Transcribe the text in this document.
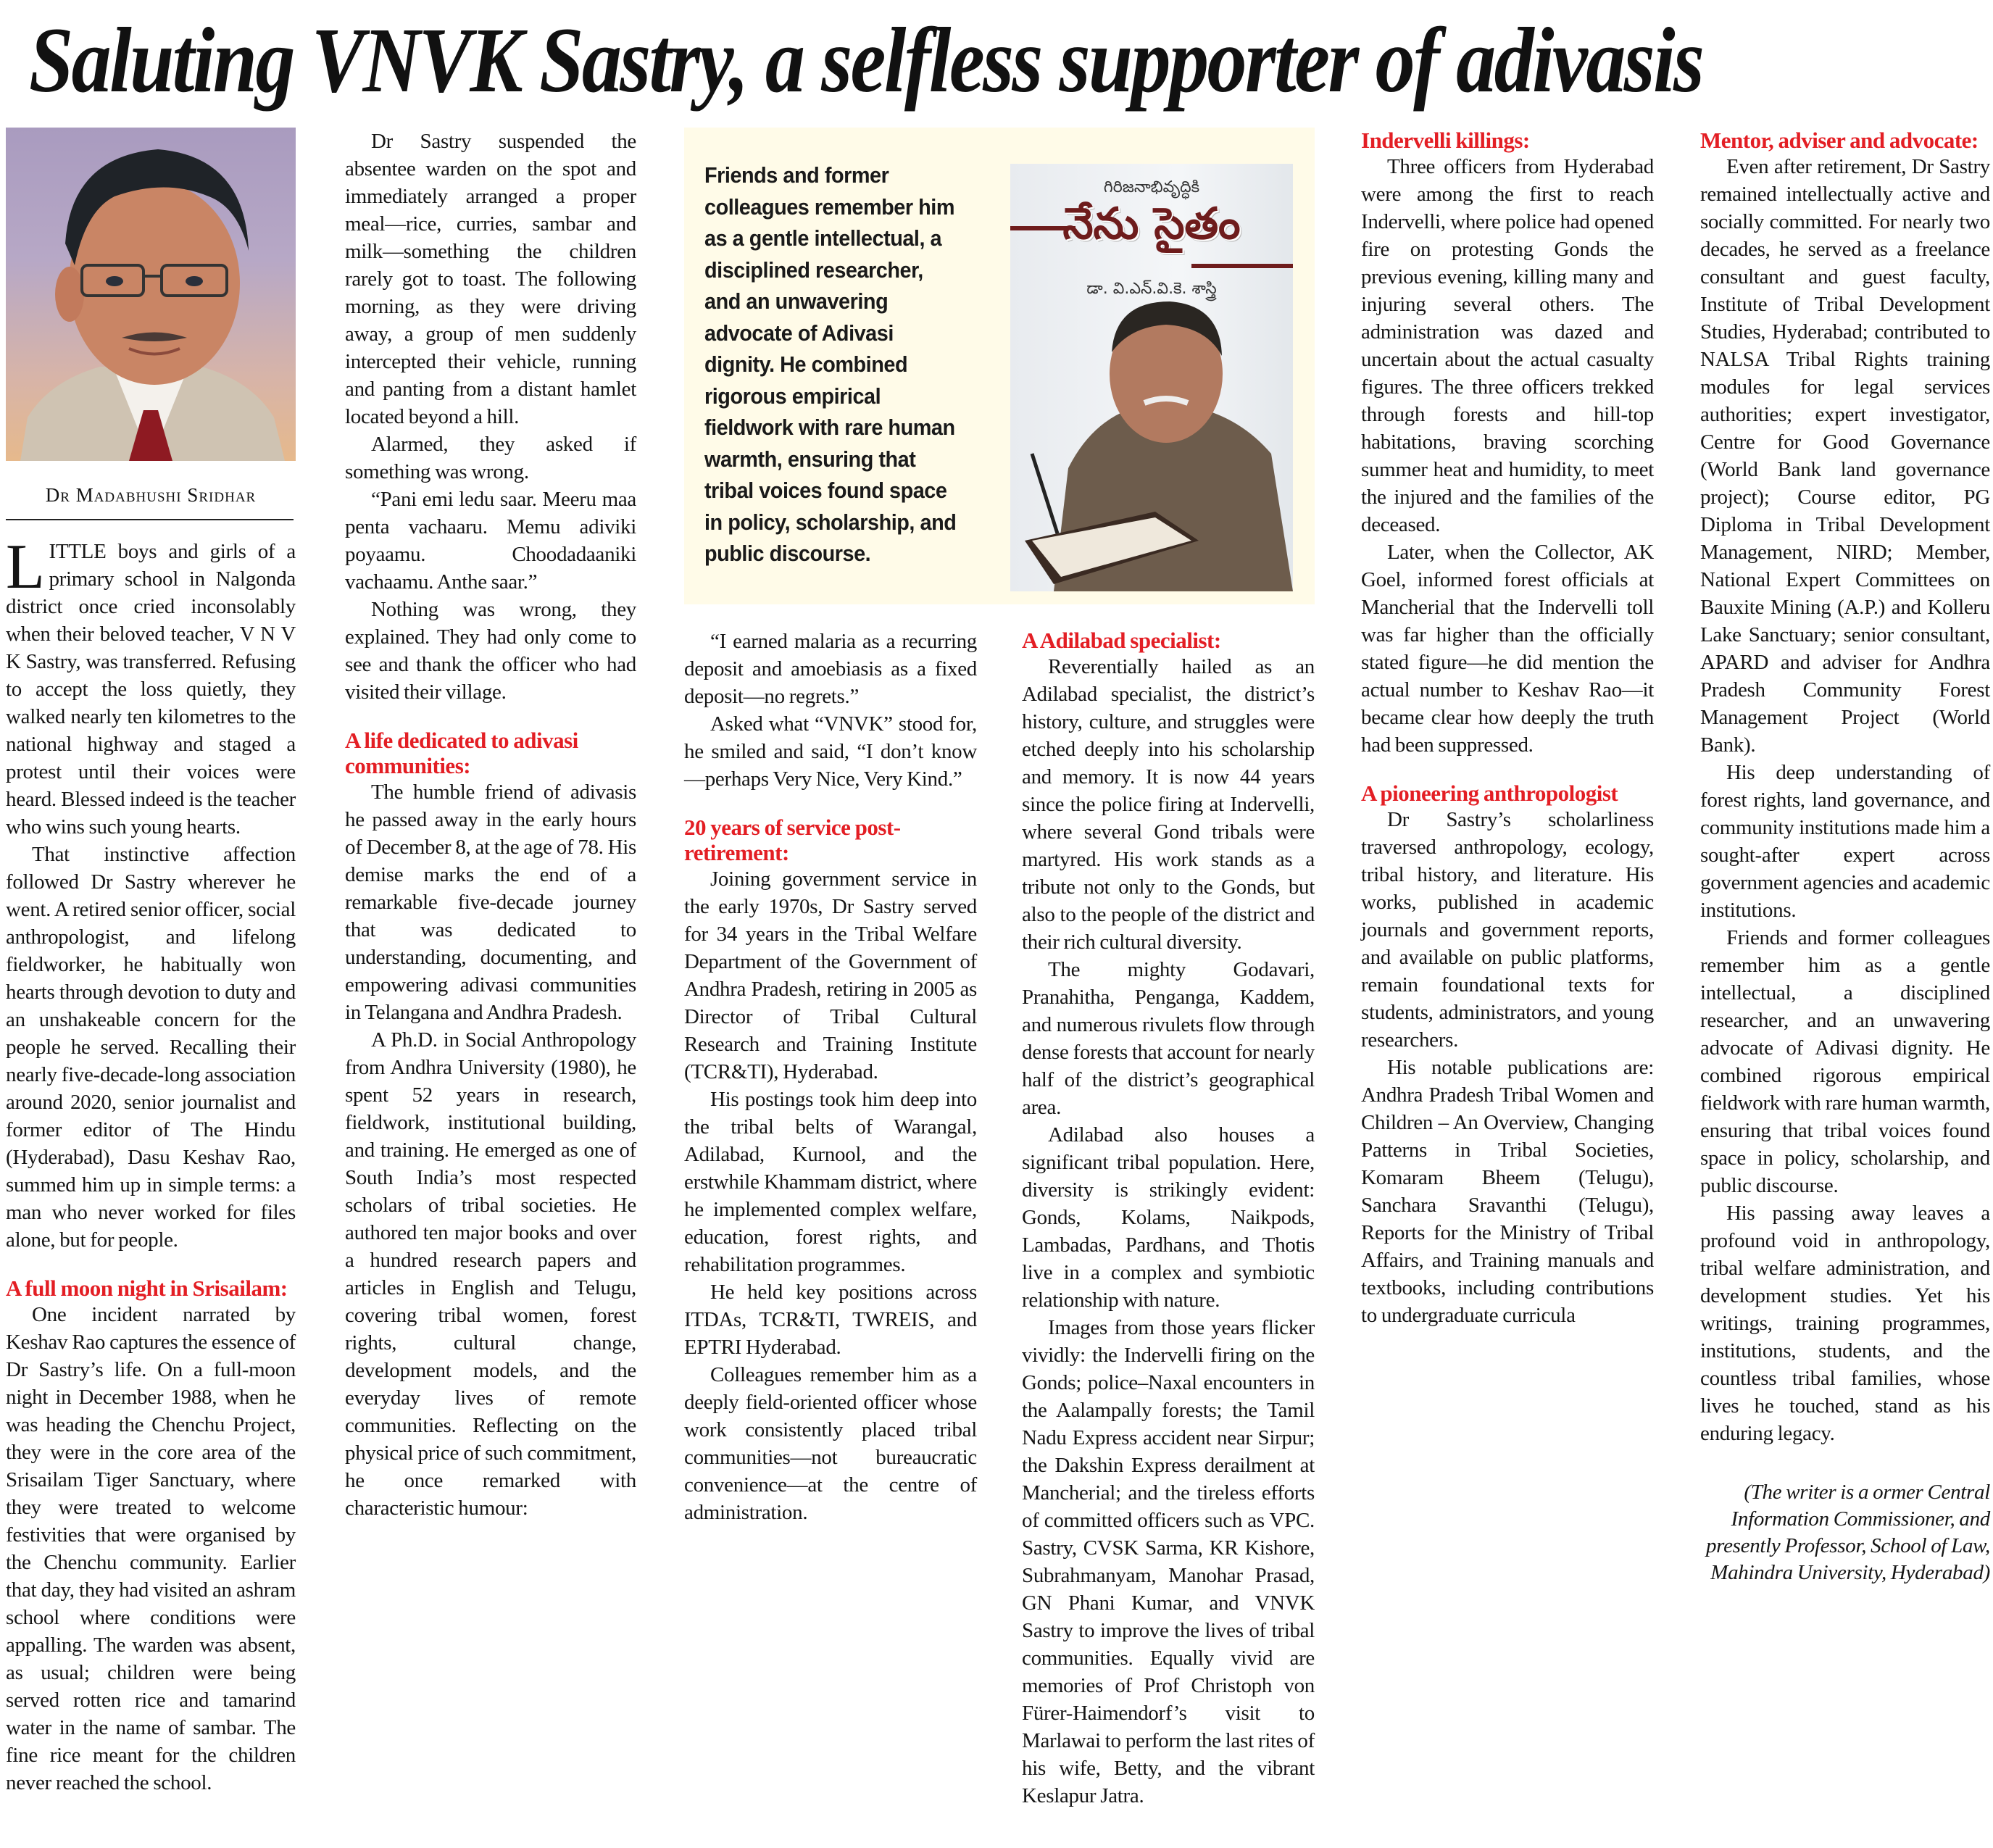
Saluting VNVK Sastry, a selfless supporter of adivasis
Dr Madabhushi Sridhar

LITTLE boys and girls of a primary school in Nalgonda district once cried inconsolably when their beloved teacher, V N V K Sastry, was transferred. Refusing to accept the loss quietly, they walked nearly ten kilometres to the national highway and staged a protest until their voices were heard. Blessed indeed is the teacher who wins such young hearts.

That instinctive affection followed Dr Sastry wherever he went. A retired senior officer, social anthropologist, and lifelong fieldworker, he habitually won hearts through devotion to duty and an unshakeable concern for the people he served. Recalling their nearly five-decade-long association around 2020, senior journalist and former editor of The Hindu (Hyderabad), Dasu Keshav Rao, summed him up in simple terms: a man who never worked for files alone, but for people.

A full moon night in Srisailam:

One incident narrated by Keshav Rao captures the essence of Dr Sastry’s life. On a full-moon night in December 1988, when he was heading the Chenchu Project, they were in the core area of the Srisailam Tiger Sanctuary, where they were treated to welcome festivities that were organised by the Chenchu community. Earlier that day, they had visited an ashram school where conditions were appalling. The warden was absent, as usual; children were being served rotten rice and tamarind water in the name of sambar. The fine rice meant for the children never reached the school.

Dr Sastry suspended the absentee warden on the spot and immediately arranged a proper meal—rice, curries, sambar and milk—something the children rarely got to toast. The following morning, as they were driving away, a group of men suddenly intercepted their vehicle, running and panting from a distant hamlet located beyond a hill.

Alarmed, they asked if something was wrong.

“Pani emi ledu saar. Meeru maa penta vachaaru. Memu adiviki poyaamu. Choodadaaniki vachaamu. Anthe saar.”

Nothing was wrong, they explained. They had only come to see and thank the officer who had visited their village.

A life dedicated to adivasi communities:

The humble friend of adivasis he passed away in the early hours of December 8, at the age of 78. His demise marks the end of a remarkable five-decade journey that was dedicated to understanding, documenting, and empowering adivasi communities in Telangana and Andhra Pradesh.

A Ph.D. in Social Anthropology from Andhra University (1980), he spent 52 years in research, fieldwork, institutional building, and training. He emerged as one of South India’s most respected scholars of tribal societies. He authored ten major books and over a hundred research papers and articles in English and Telugu, covering tribal women, forest rights, cultural change, development models, and the everyday lives of remote communities. Reflecting on the physical price of such commitment, he once remarked with characteristic humour:

Friends and former colleagues remember him as a gentle intellectual, a disciplined researcher, and an unwavering advocate of Adivasi dignity. He combined rigorous empirical fieldwork with rare human warmth, ensuring that tribal voices found space in policy, scholarship, and public discourse.
గిరిజనాభివృద్ధికి
నేను సైతం
డా. వి.ఎన్.వి.కె. శాస్త్రి

“I earned malaria as a recurring deposit and amoebiasis as a fixed deposit—no regrets.”

Asked what “VNVK” stood for, he smiled and said, “I don’t know—perhaps Very Nice, Very Kind.”

20 years of service post-retirement:

Joining government service in the early 1970s, Dr Sastry served for 34 years in the Tribal Welfare Department of the Government of Andhra Pradesh, retiring in 2005 as Director of Tribal Cultural Research and Training Institute (TCR&TI), Hyderabad.

His postings took him deep into the tribal belts of Warangal, Adilabad, Kurnool, and the erstwhile Khammam district, where he implemented complex welfare, education, forest rights, and rehabilitation programmes.

He held key positions across ITDAs, TCR&TI, TWREIS, and EPTRI Hyderabad.

Colleagues remember him as a deeply field-oriented officer whose work consistently placed tribal communities—not bureaucratic convenience—at the centre of administration.

A Adilabad specialist:

Reverentially hailed as an Adilabad specialist, the district’s history, culture, and struggles were etched deeply into his scholarship and memory. It is now 44 years since the police firing at Indervelli, where several Gond tribals were martyred. His work stands as a tribute not only to the Gonds, but also to the people of the district and their rich cultural diversity.

The mighty Godavari, Pranahitha, Penganga, Kaddem, and numerous rivulets flow through dense forests that account for nearly half of the district’s geographical area.

Adilabad also houses a significant tribal population. Here, diversity is strikingly evident: Gonds, Kolams, Naikpods, Lambadas, Pardhans, and Thotis live in a complex and symbiotic relationship with nature.

Images from those years flicker vividly: the Indervelli firing on the Gonds; police–Naxal encounters in the Aalampally forests; the Tamil Nadu Express accident near Sirpur; the Dakshin Express derailment at Mancherial; and the tireless efforts of committed officers such as VPC. Sastry, CVSK Sarma, KR Kishore, Subrahmanyam, Manohar Prasad, GN Phani Kumar, and VNVK Sastry to improve the lives of tribal communities. Equally vivid are memories of Prof Christoph von Fürer-Haimendorf’s visit to Marlawai to perform the last rites of his wife, Betty, and the vibrant Keslapur Jatra.

Indervelli killings:

Three officers from Hyderabad were among the first to reach Indervelli, where police had opened fire on protesting Gonds the previous evening, killing many and injuring several others. The administration was dazed and uncertain about the actual casualty figures. The three officers trekked through forests and hill-top habitations, braving scorching summer heat and humidity, to meet the injured and the families of the deceased.

Later, when the Collector, AK Goel, informed forest officials at Mancherial that the Indervelli toll was far higher than the officially stated figure—he did mention the actual number to Keshav Rao—it became clear how deeply the truth had been suppressed.

A pioneering anthropologist

Dr Sastry’s scholarliness traversed anthropology, ecology, tribal history, and literature. His works, published in academic journals and government reports, and available on public platforms, remain foundational texts for students, administrators, and young researchers.

His notable publications are: Andhra Pradesh Tribal Women and Children – An Overview, Changing Patterns in Tribal Societies, Komaram Bheem (Telugu), Sanchara Sravanthi (Telugu), Reports for the Ministry of Tribal Affairs, and Training manuals and textbooks, including contributions to undergraduate curricula

Mentor, adviser and advocate:

Even after retirement, Dr Sastry remained intellectually active and socially committed. For nearly two decades, he served as a freelance consultant and guest faculty, Institute of Tribal Development Studies, Hyderabad; contributed to NALSA Tribal Rights training modules for legal services authorities; expert investigator, Centre for Good Governance (World Bank land governance project); Course editor, PG Diploma in Tribal Development Management, NIRD; Member, National Expert Committees on Bauxite Mining (A.P.) and Kolleru Lake Sanctuary; senior consultant, APARD and adviser for Andhra Pradesh Community Forest Management Project (World Bank).

His deep understanding of forest rights, land governance, and community institutions made him a sought-after expert across government agencies and academic institutions.

Friends and former colleagues remember him as a gentle intellectual, a disciplined researcher, and an unwavering advocate of Adivasi dignity. He combined rigorous empirical fieldwork with rare human warmth, ensuring that tribal voices found space in policy, scholarship, and public discourse.

His passing away leaves a profound void in anthropology, tribal welfare administration, and development studies. Yet his writings, training programmes, institutions, students, and the countless tribal families, whose lives he touched, stand as his enduring legacy.

(The writer is a ormer Central Information Commissioner, and presently Professor, School of Law, Mahindra University, Hyderabad)
